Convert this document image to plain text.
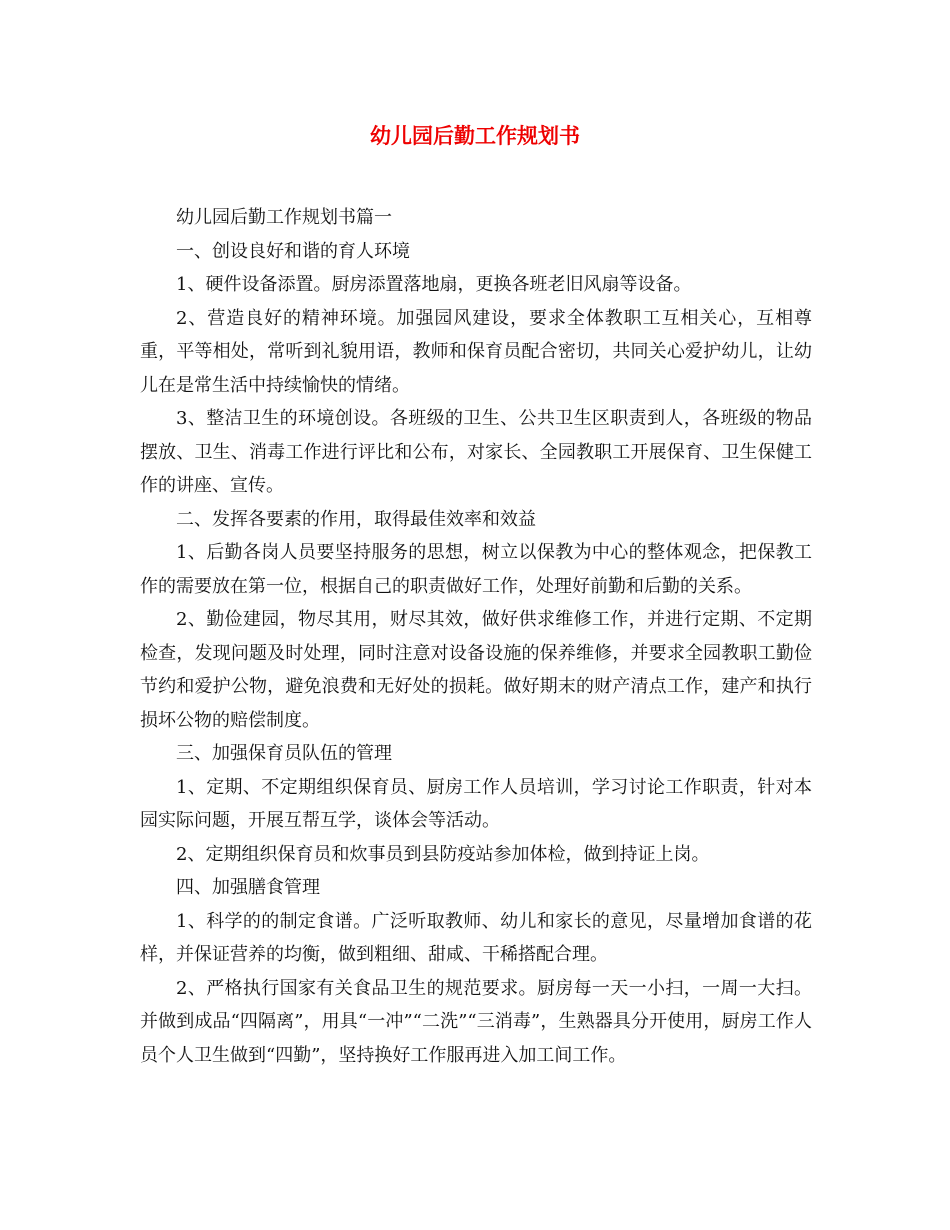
幼儿园后勤工作规划书

幼儿园后勤工作规划书篇一

一、创设良好和谐的育人环境

1、硬件设备添置。厨房添置落地扇，更换各班老旧风扇等设备。

2、营造良好的精神环境。加强园风建设，要求全体教职工互相关心，互相尊重，平等相处，常听到礼貌用语，教师和保育员配合密切，共同关心爱护幼儿，让幼儿在是常生活中持续愉快的情绪。

3、整洁卫生的环境创设。各班级的卫生、公共卫生区职责到人，各班级的物品摆放、卫生、消毒工作进行评比和公布，对家长、全园教职工开展保育、卫生保健工作的讲座、宣传。

二、发挥各要素的作用，取得最佳效率和效益

1、后勤各岗人员要坚持服务的思想，树立以保教为中心的整体观念，把保教工作的需要放在第一位，根据自己的职责做好工作，处理好前勤和后勤的关系。

2、勤俭建园，物尽其用，财尽其效，做好供求维修工作，并进行定期、不定期检查，发现问题及时处理，同时注意对设备设施的保养维修，并要求全园教职工勤俭节约和爱护公物，避免浪费和无好处的损耗。做好期末的财产清点工作，建产和执行损坏公物的赔偿制度。

三、加强保育员队伍的管理

1、定期、不定期组织保育员、厨房工作人员培训，学习讨论工作职责，针对本园实际问题，开展互帮互学，谈体会等活动。

2、定期组织保育员和炊事员到县防疫站参加体检，做到持证上岗。

四、加强膳食管理

1、科学的的制定食谱。广泛听取教师、幼儿和家长的意见，尽量增加食谱的花样，并保证营养的均衡，做到粗细、甜咸、干稀搭配合理。

2、严格执行国家有关食品卫生的规范要求。厨房每一天一小扫，一周一大扫。并做到成品“四隔离”，用具“一冲”“二洗”“三消毒”，生熟器具分开使用，厨房工作人员个人卫生做到“四勤”，坚持换好工作服再进入加工间工作。
